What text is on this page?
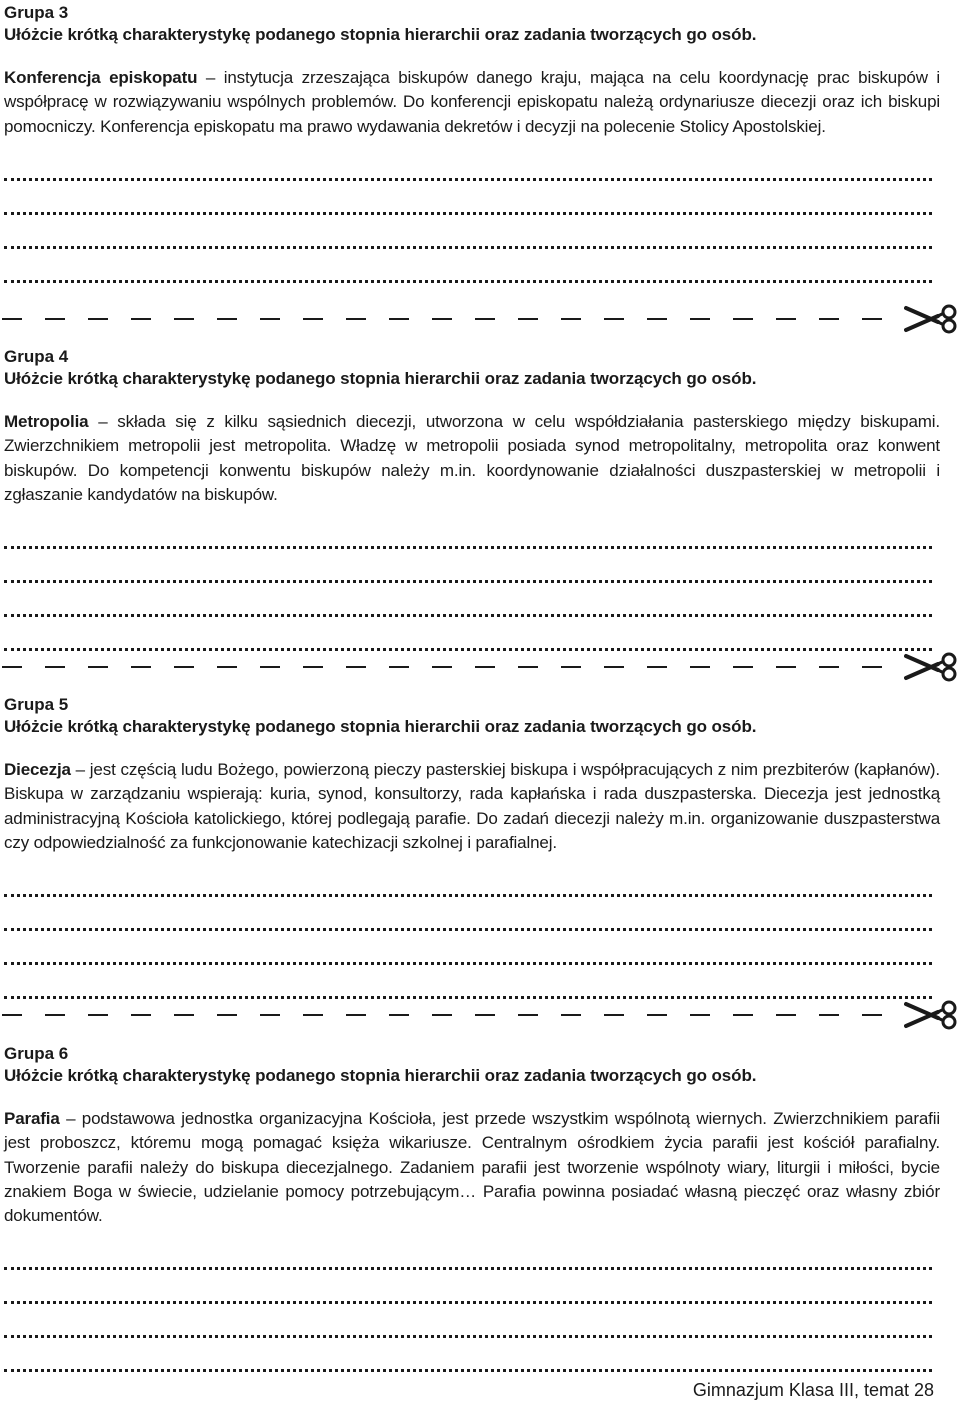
Grupa 3

Ułóżcie krótką charakterystykę podanego stopnia hierarchii oraz zadania tworzących go osób.

Konferencja episkopatu – instytucja zrzeszająca biskupów danego kraju, mająca na celu koordynację prac biskupów i współpracę w rozwiązywaniu wspólnych problemów. Do konferencji episkopatu należą ordynariusze diecezji oraz ich biskupi pomocniczy. Konferencja episkopatu ma prawo wydawania dekretów i decyzji na polecenie Stolicy Apostolskiej.

Grupa 4

Ułóżcie krótką charakterystykę podanego stopnia hierarchii oraz zadania tworzących go osób.

Metropolia – składa się z kilku sąsiednich diecezji, utworzona w celu współdziałania pasterskiego między biskupami. Zwierzchnikiem metropolii jest metropolita. Władzę w metropolii posiada synod metropolitalny, metropolita oraz konwent biskupów. Do kompetencji konwentu biskupów należy m.in. koordynowanie działalności duszpasterskiej w metropolii i zgłaszanie kandydatów na biskupów.

Grupa 5

Ułóżcie krótką charakterystykę podanego stopnia hierarchii oraz zadania tworzących go osób.

Diecezja – jest częścią ludu Bożego, powierzoną pieczy pasterskiej biskupa i współpracujących z nim prezbiterów (kapłanów). Biskupa w zarządzaniu wspierają: kuria, synod, konsultorzy, rada kapłańska i rada duszpasterska. Diecezja jest jednostką administracyjną Kościoła katolickiego, której podlegają parafie. Do zadań diecezji należy m.in. organizowanie duszpasterstwa czy odpowiedzialność za funkcjonowanie katechizacji szkolnej i parafialnej.

Grupa 6

Ułóżcie krótką charakterystykę podanego stopnia hierarchii oraz zadania tworzących go osób.

Parafia – podstawowa jednostka organizacyjna Kościoła, jest przede wszystkim wspólnotą wiernych. Zwierzchnikiem parafii jest proboszcz, któremu mogą pomagać księża wikariusze. Centralnym ośrodkiem życia parafii jest kościół parafialny. Tworzenie parafii należy do biskupa diecezjalnego. Zadaniem parafii jest tworzenie wspólnoty wiary, liturgii i miłości, bycie znakiem Boga w świecie, udzielanie pomocy potrzebującym… Parafia powinna posiadać własną pieczęć oraz własny zbiór dokumentów.

Gimnazjum Klasa III, temat 28
